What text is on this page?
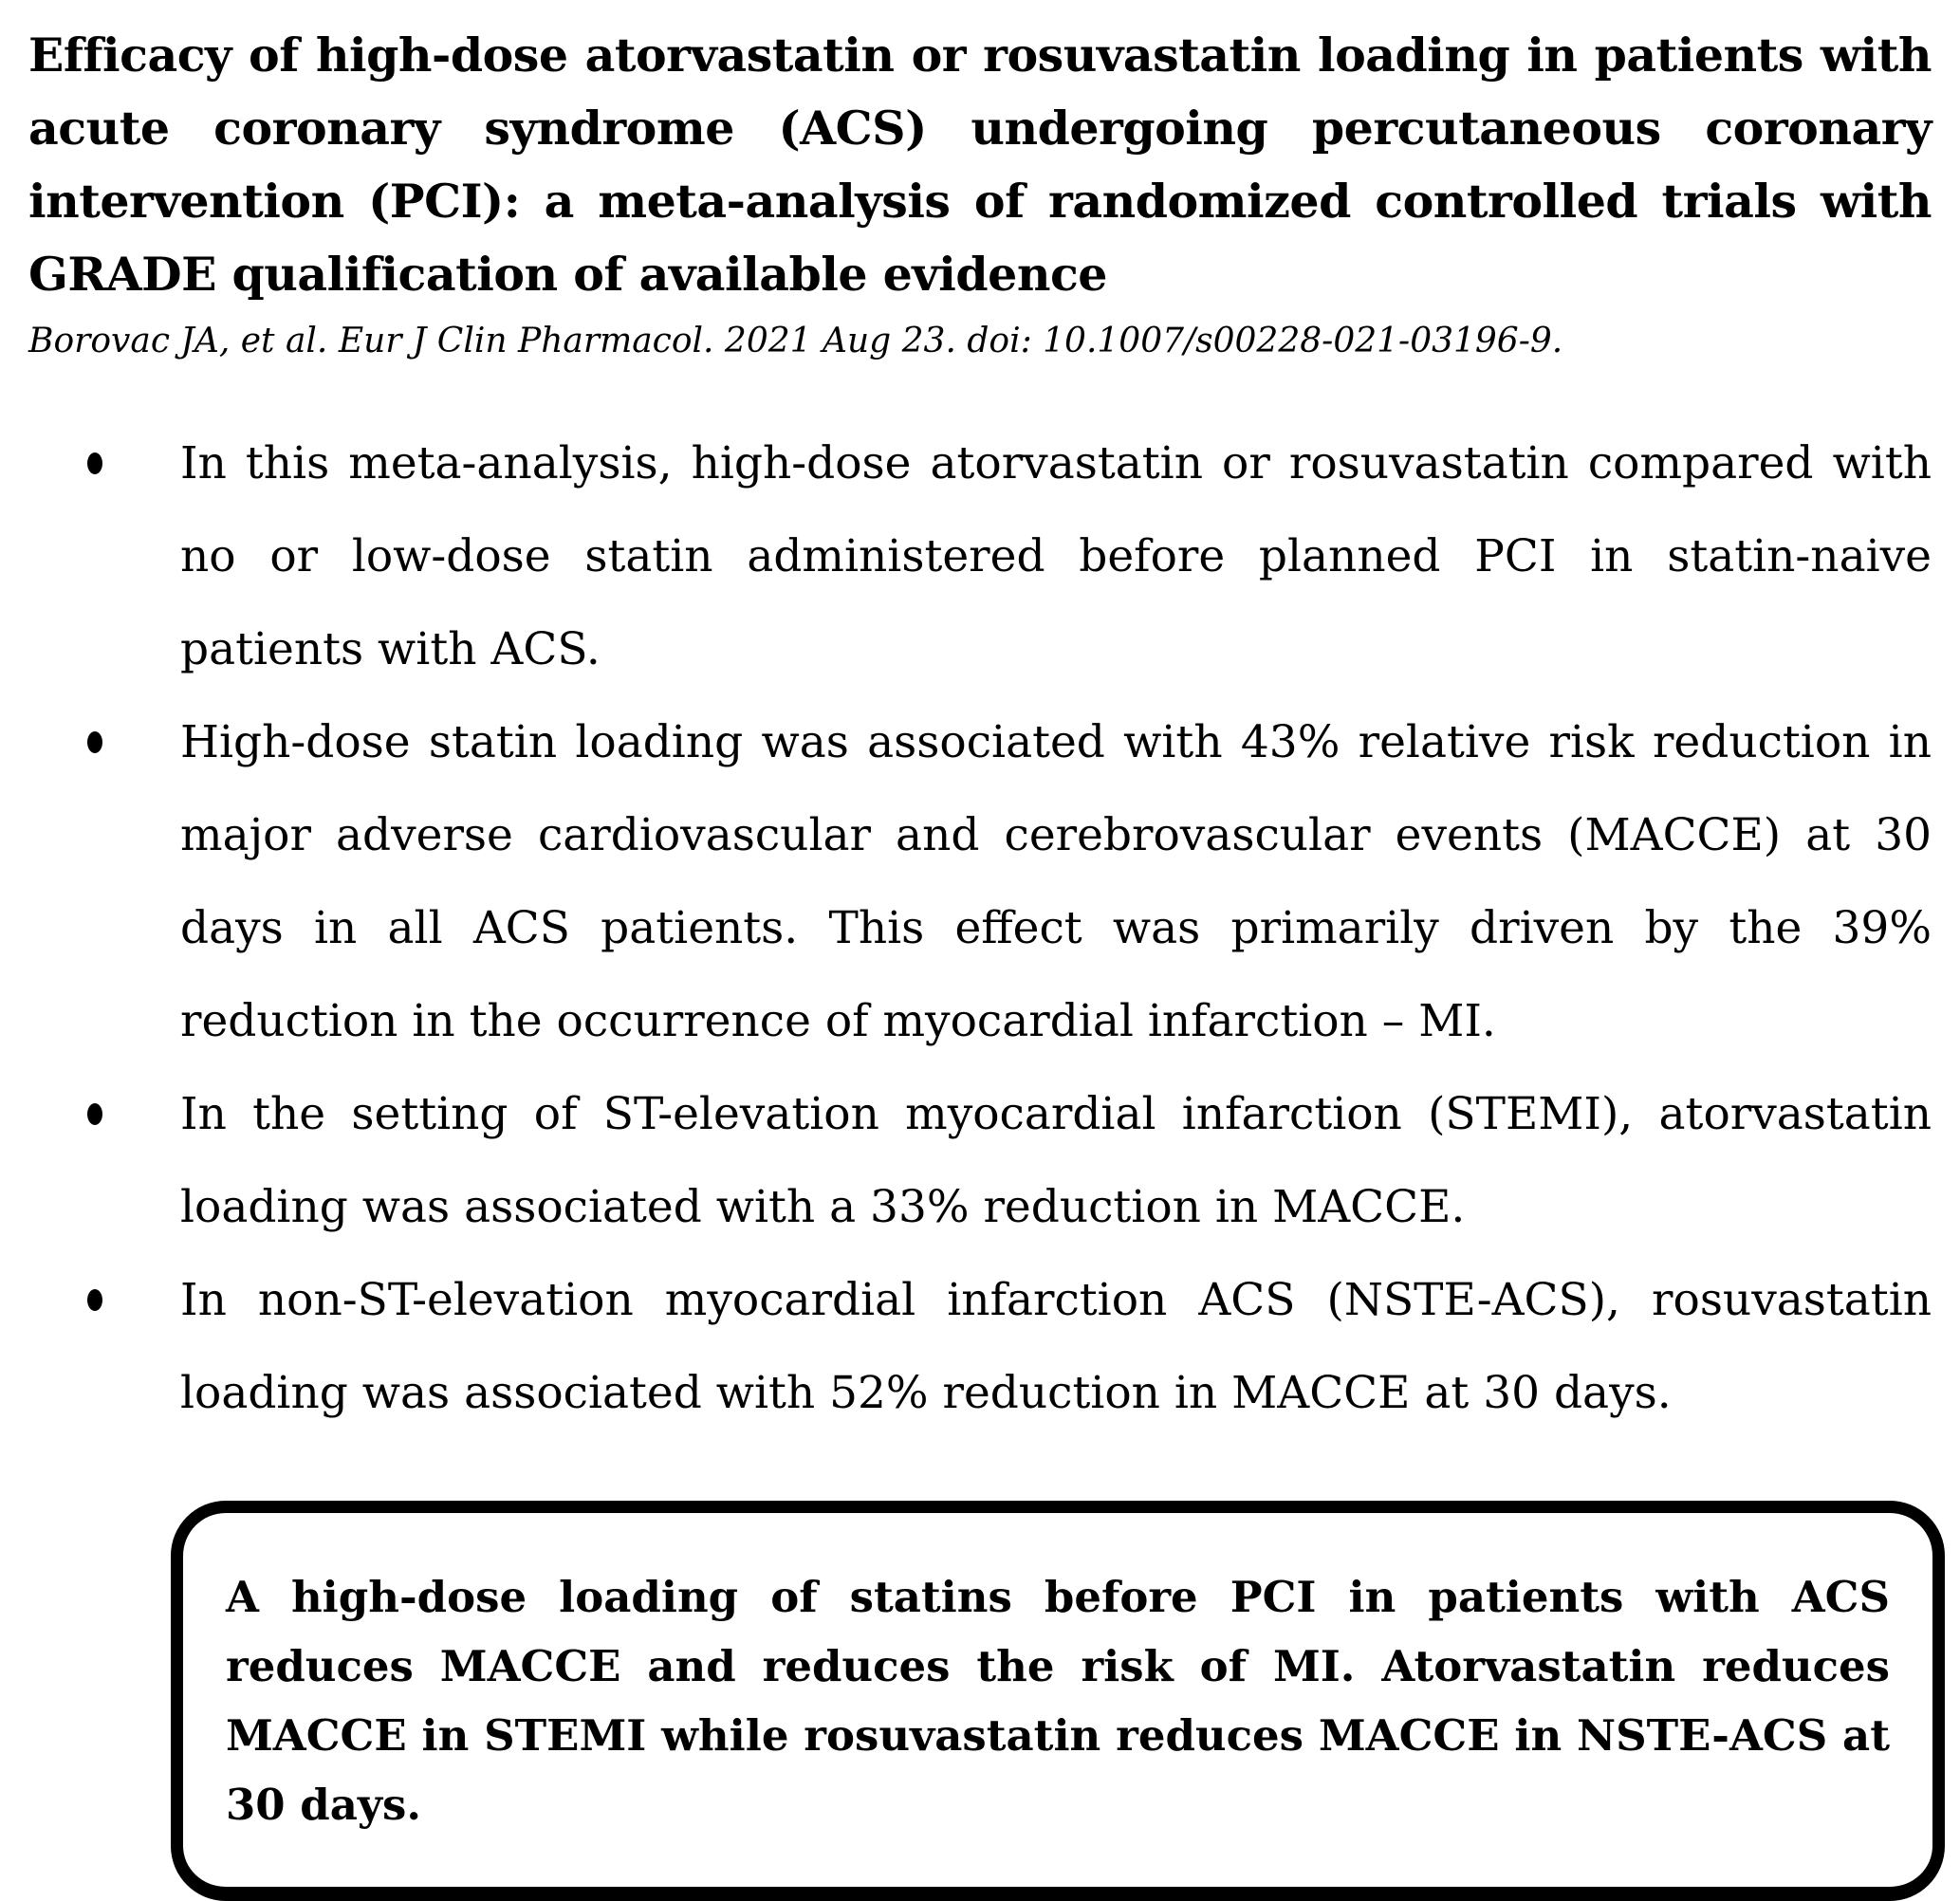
Efficacy of high-dose atorvastatin or rosuvastatin loading in patients with acute coronary syndrome (ACS) undergoing percutaneous coronary intervention (PCI): a meta-analysis of randomized controlled trials with GRADE qualification of available evidence

Borovac JA, et al. Eur J Clin Pharmacol. 2021 Aug 23. doi: 10.1007/s00228-021-03196-9.

In this meta-analysis, high-dose atorvastatin or rosuvastatin compared with no or low-dose statin administered before planned PCI in statin-naive patients with ACS.
High-dose statin loading was associated with 43% relative risk reduction in major adverse cardiovascular and cerebrovascular events (MACCE) at 30 days in all ACS patients. This effect was primarily driven by the 39% reduction in the occurrence of myocardial infarction – MI.
In the setting of ST-elevation myocardial infarction (STEMI), atorvastatin loading was associated with a 33% reduction in MACCE.
In non-ST-elevation myocardial infarction ACS (NSTE-ACS), rosuvastatin loading was associated with 52% reduction in MACCE at 30 days.
A high-dose loading of statins before PCI in patients with ACS reduces MACCE and reduces the risk of MI. Atorvastatin reduces MACCE in STEMI while rosuvastatin reduces MACCE in NSTE-ACS at 30 days.
